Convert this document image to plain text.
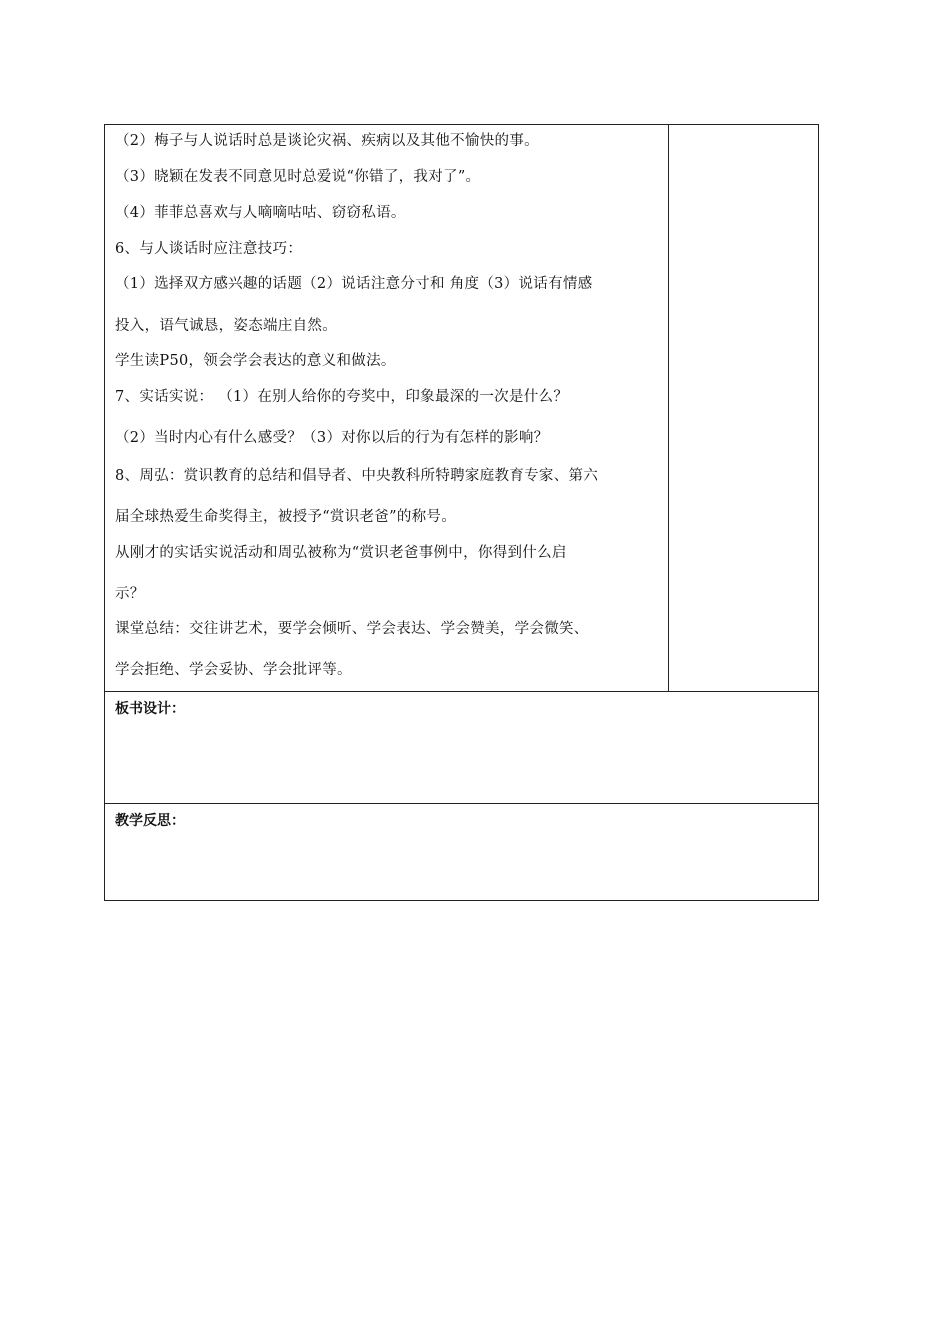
（2）梅子与人说话时总是谈论灾祸、疾病以及其他不愉快的事。
（3）晓颖在发表不同意见时总爱说“你错了，我对了”。
（4）菲菲总喜欢与人嘀嘀咕咕、窃窃私语。
6、与人谈话时应注意技巧：
（1）选择双方感兴趣的话题（2）说话注意分寸和 角度（3）说话有情感
投入，语气诚恳，姿态端庄自然。
学生读P50，领会学会表达的意义和做法。
7、实话实说： （1）在别人给你的夸奖中，印象最深的一次是什么？
（2）当时内心有什么感受？（3）对你以后的行为有怎样的影响？
8、周弘：赏识教育的总结和倡导者、中央教科所特聘家庭教育专家、第六
届全球热爱生命奖得主，被授予“赏识老爸”的称号。
从刚才的实话实说活动和周弘被称为“赏识老爸事例中，你得到什么启
示？
课堂总结：交往讲艺术，要学会倾听、学会表达、学会赞美，学会微笑、
学会拒绝、学会妥协、学会批评等。
板书设计：
教学反思：
